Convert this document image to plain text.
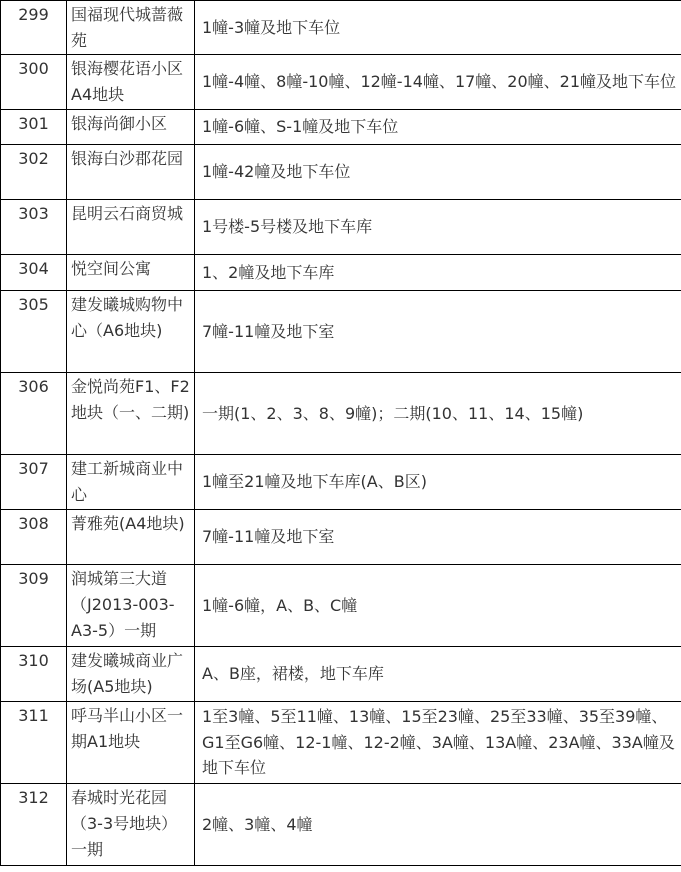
299	国福现代城蔷薇苑	1幢-3幢及地下车位
300	银海樱花语小区A4地块	1幢-4幢、8幢-10幢、12幢-14幢、17幢、20幢、21幢及地下车位
301	银海尚御小区	1幢-6幢、S-1幢及地下车位
302	银海白沙郡花园	1幢-42幢及地下车位
303	昆明云石商贸城	1号楼-5号楼及地下车库
304	悦空间公寓	1、2幢及地下车库
305	建发曦城购物中心（A6地块)	7幢-11幢及地下室
306	金悦尚苑F1、F2地块（一、二期)	一期(1、2、3、8、9幢)；二期(10、11、14、15幢)
307	建工新城商业中心	1幢至21幢及地下车库(A、B区)
308	菁雅苑(A4地块)	7幢-11幢及地下室
309	润城第三大道（J2013-003-A3-5）一期	1幢-6幢，A、B、C幢
310	建发曦城商业广场(A5地块)	A、B座，裙楼，地下车库
311	呼马半山小区一期A1地块	1至3幢、5至11幢、13幢、15至23幢、25至33幢、35至39幢、G1至G6幢、12-1幢、12-2幢、3A幢、13A幢、23A幢、33A幢及地下车位
312	春城时光花园（3-3号地块）一期	2幢、3幢、4幢
